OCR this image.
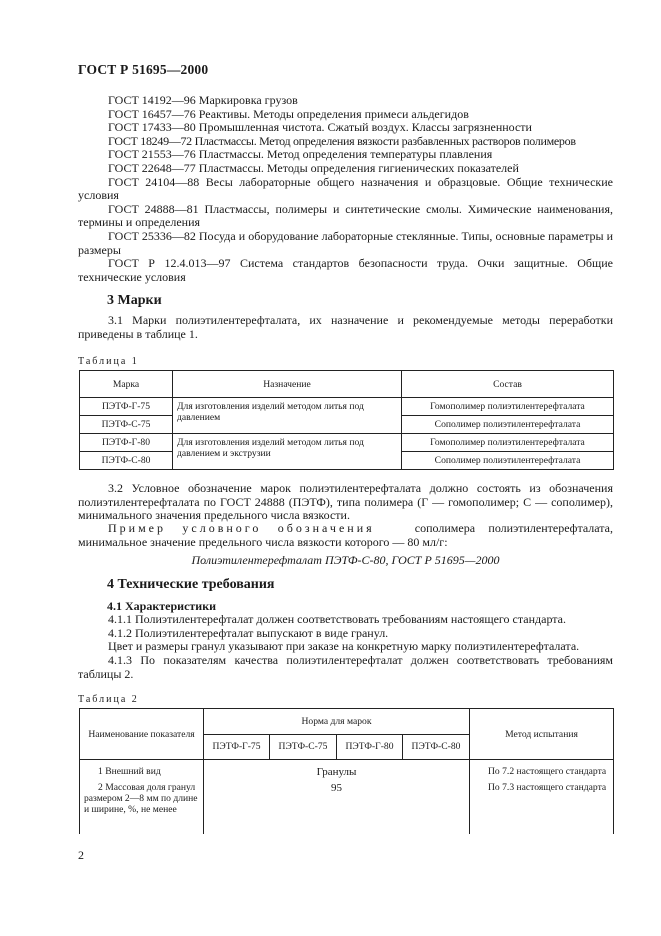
ГОСТ Р 51695—2000

ГОСТ 14192—96 Маркировка грузов

ГОСТ 16457—76 Реактивы. Методы определения примеси альдегидов

ГОСТ 17433—80 Промышленная чистота. Сжатый воздух. Классы загрязненности

ГОСТ 18249—72 Пластмассы. Метод определения вязкости разбавленных растворов полимеров

ГОСТ 21553—76 Пластмассы. Метод определения температуры плавления

ГОСТ 22648—77 Пластмассы. Методы определения гигиенических показателей

ГОСТ 24104—88 Весы лабораторные общего назначения и образцовые. Общие технические условия

ГОСТ 24888—81 Пластмассы, полимеры и синтетические смолы. Химические наименования, термины и определения

ГОСТ 25336—82 Посуда и оборудование лабораторные стеклянные. Типы, основные параметры и размеры

ГОСТ Р 12.4.013—97 Система стандартов безопасности труда. Очки защитные. Общие технические условия

3 Марки
3.1 Марки полиэтилентерефталата, их назначение и рекомендуемые методы переработки приведены в таблице 1.
Таблица 1
Марка	Назначение	Состав
ПЭТФ-Г-75	Для изготовления изделий методом литья под давлением	Гомополимер полиэтилентерефталата
ПЭТФ-С-75		Сополимер полиэтилентерефталата
ПЭТФ-Г-80	Для изготовления изделий методом литья под давлением и экструзии	Гомополимер полиэтилентерефталата
ПЭТФ-С-80		Сополимер полиэтилентерефталата
3.2 Условное обозначение марок полиэтилентерефталата должно состоять из обозначения полиэтилентерефталата по ГОСТ 24888 (ПЭТФ), типа полимера (Г — гомополимер; С — сополимер), минимального значения предельного числа вязкости.
Пример условного обозначения	сополимера полиэтилентерефталата, минимальное значение предельного числа вязкости которого — 80 мл/г:
Полиэтилентерефталат ПЭТФ-С-80, ГОСТ Р 51695—2000
4 Технические требования
4.1 Характеристики
4.1.1 Полиэтилентерефталат должен соответствовать требованиям настоящего стандарта.
4.1.2 Полиэтилентерефталат выпускают в виде гранул.
Цвет и размеры гранул указывают при заказе на конкретную марку полиэтилентерефталата.
4.1.3 По показателям качества полиэтилентерефталат должен соответствовать требованиям таблицы 2.
Таблица 2
Наименование показателя	Норма для марок				Метод испытания
	ПЭТФ-Г-75	ПЭТФ-С-75	ПЭТФ-Г-80	ПЭТФ-С-80	
1 Внешний вид	Гранулы				По 7.2 настоящего стандарта
2 Массовая доля гранул размером 2—8 мм по длине и ширине, %, не менее	95				По 7.3 настоящего стандарта
2
